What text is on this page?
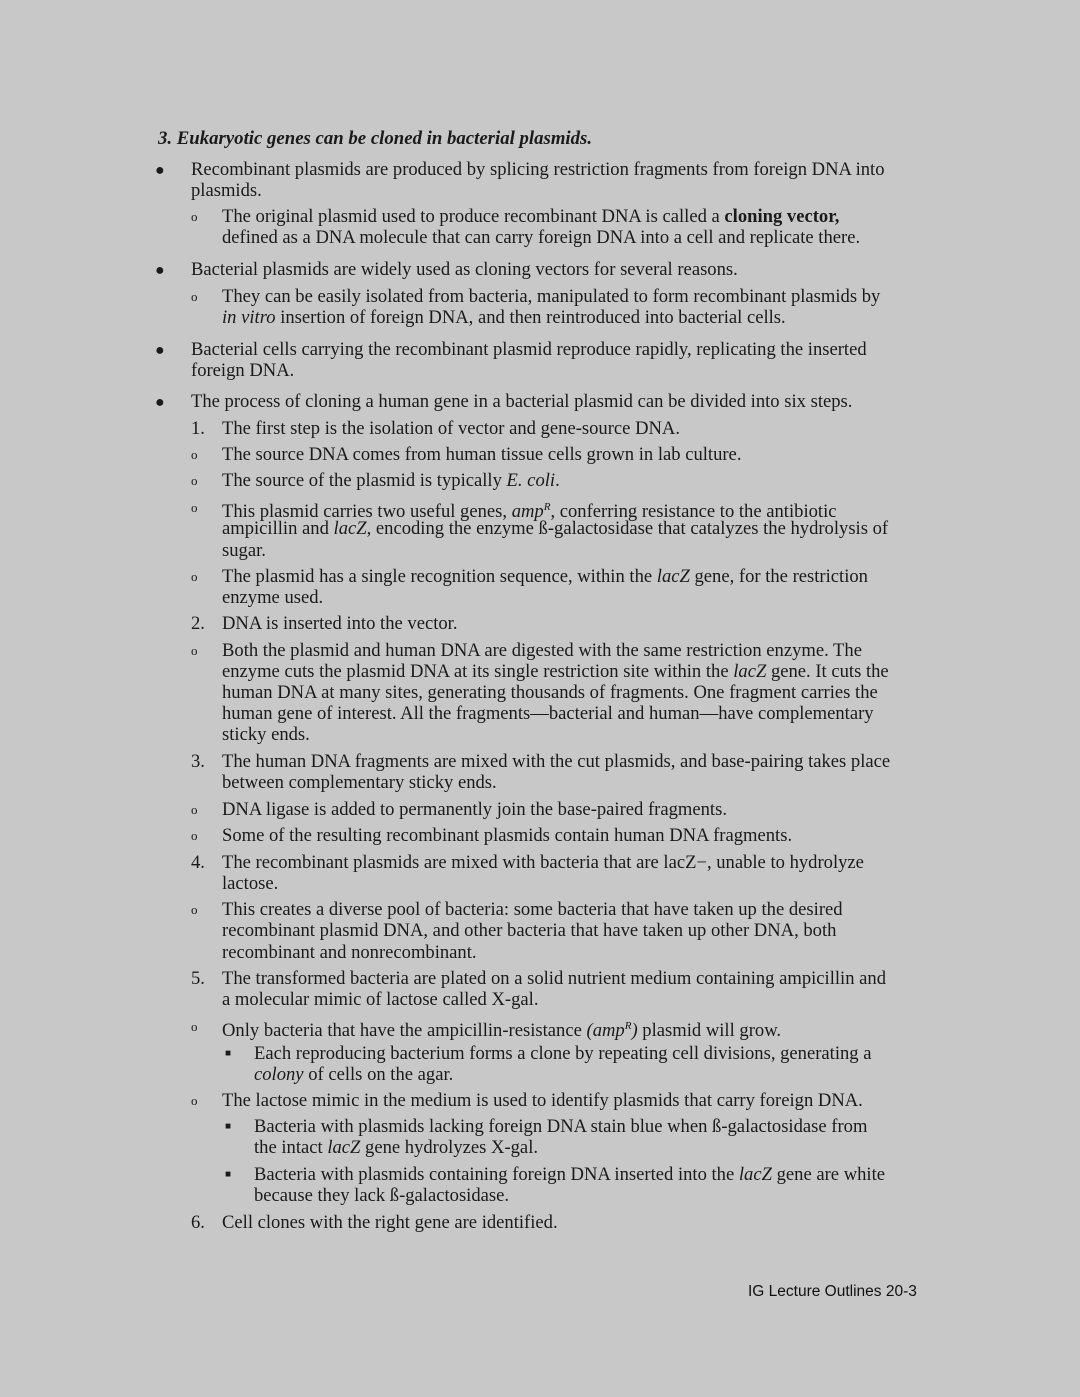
3. Eukaryotic genes can be cloned in bacterial plasmids.
● Recombinant plasmids are produced by splicing restriction fragments from foreign DNA into
plasmids.
o The original plasmid used to produce recombinant DNA is called a cloning vector,
defined as a DNA molecule that can carry foreign DNA into a cell and replicate there.
● Bacterial plasmids are widely used as cloning vectors for several reasons.
o They can be easily isolated from bacteria, manipulated to form recombinant plasmids by
in vitro insertion of foreign DNA, and then reintroduced into bacterial cells.
● Bacterial cells carrying the recombinant plasmid reproduce rapidly, replicating the inserted
foreign DNA.
● The process of cloning a human gene in a bacterial plasmid can be divided into six steps.
1. The first step is the isolation of vector and gene-source DNA.
o The source DNA comes from human tissue cells grown in lab culture.
o The source of the plasmid is typically E. coli.
o This plasmid carries two useful genes, amp$^R$, conferring resistance to the antibiotic
ampicillin and lacZ, encoding the enzyme ß-galactosidase that catalyzes the hydrolysis of
sugar.
o The plasmid has a single recognition sequence, within the lacZ gene, for the restriction
enzyme used.
2. DNA is inserted into the vector.
o Both the plasmid and human DNA are digested with the same restriction enzyme. The
enzyme cuts the plasmid DNA at its single restriction site within the lacZ gene. It cuts the
human DNA at many sites, generating thousands of fragments. One fragment carries the
human gene of interest. All the fragments—bacterial and human—have complementary
sticky ends.
3. The human DNA fragments are mixed with the cut plasmids, and base-pairing takes place
between complementary sticky ends.
o DNA ligase is added to permanently join the base-paired fragments.
o Some of the resulting recombinant plasmids contain human DNA fragments.
4. The recombinant plasmids are mixed with bacteria that are lacZ−, unable to hydrolyze
lactose.
o This creates a diverse pool of bacteria: some bacteria that have taken up the desired
recombinant plasmid DNA, and other bacteria that have taken up other DNA, both
recombinant and nonrecombinant.
5. The transformed bacteria are plated on a solid nutrient medium containing ampicillin and
a molecular mimic of lactose called X-gal.
o Only bacteria that have the ampicillin-resistance (amp$^R$) plasmid will grow.
■ Each reproducing bacterium forms a clone by repeating cell divisions, generating a
colony of cells on the agar.
o The lactose mimic in the medium is used to identify plasmids that carry foreign DNA.
■ Bacteria with plasmids lacking foreign DNA stain blue when ß-galactosidase from
the intact lacZ gene hydrolyzes X-gal.
■ Bacteria with plasmids containing foreign DNA inserted into the lacZ gene are white
because they lack ß-galactosidase.
6. Cell clones with the right gene are identified.
IG Lecture Outlines 20-3
